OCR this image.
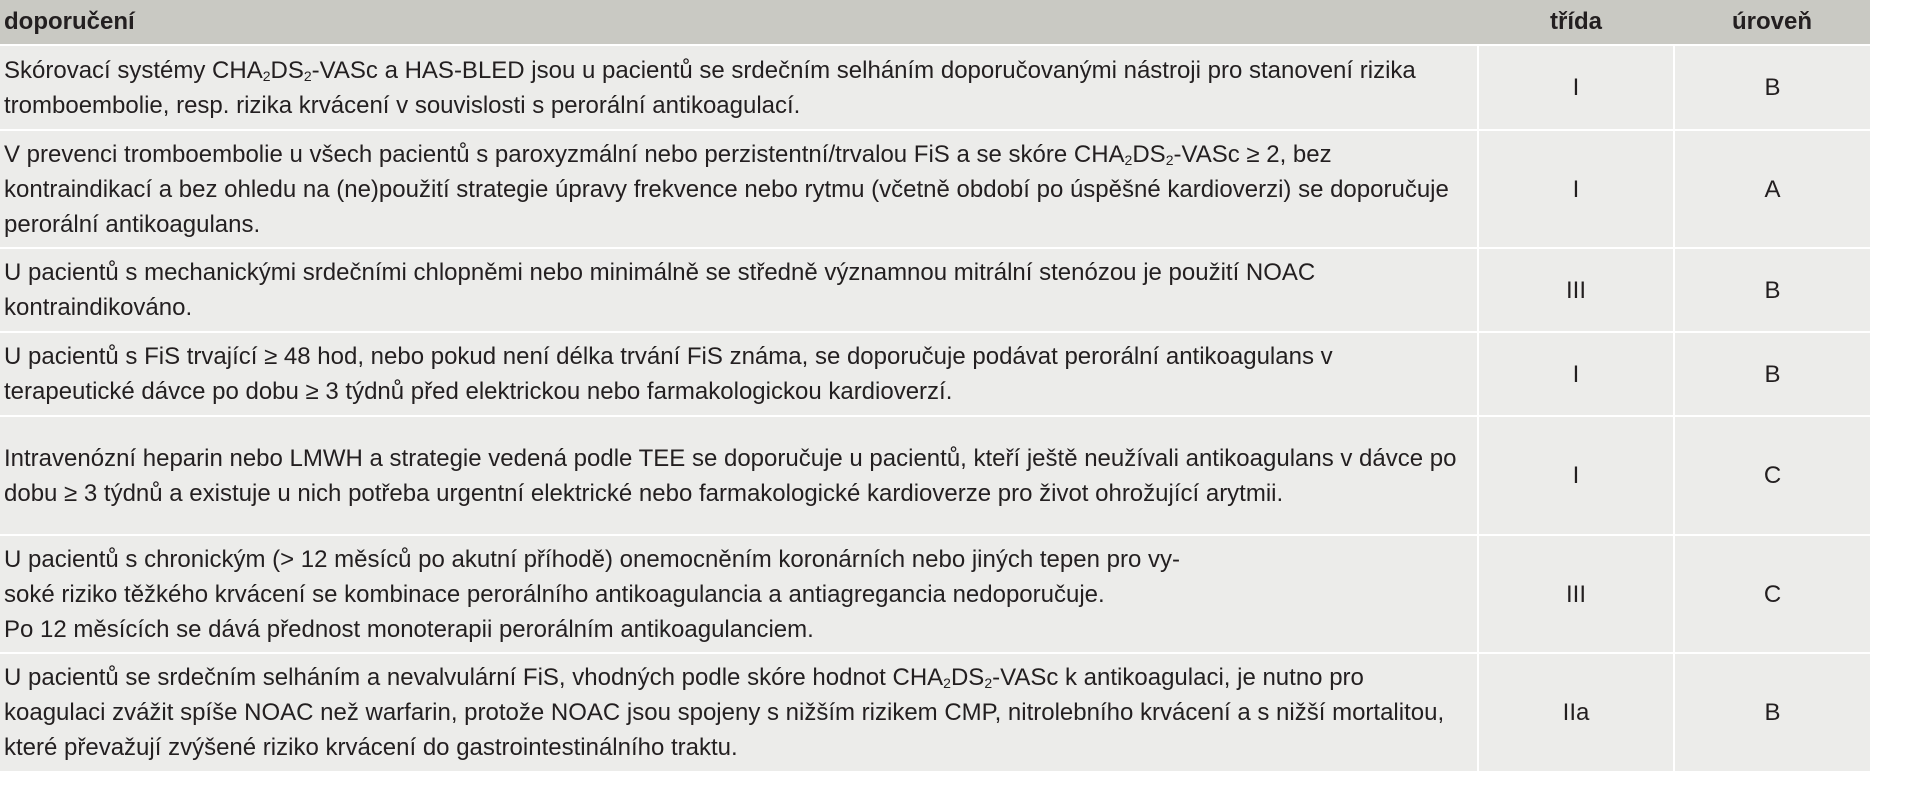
doporučení	třída	úroveň
Skórovací systémy $CHA_2DS_2$-VASc a HAS-BLED jsou u pacientů se srdečním selháním doporučovanými nástroji pro stanovení rizika tromboembolie, resp. rizika krvácení v souvislosti s perorální antikoagulací.	I	B
V prevenci tromboembolie u všech pacientů s paroxyzmální nebo perzistentní/trvalou FiS a se skóre $CHA_2DS_2$-VASc ≥ 2, bez kontraindikací a bez ohledu na (ne)použití strategie úpravy frekvence nebo rytmu (včetně období po úspěšné kardioverzi) se doporučuje perorální antikoagulans.	I	A
U pacientů s mechanickými srdečními chlopněmi nebo minimálně se středně významnou mitrální stenózou je použití NOAC kontraindikováno.	III	B
U pacientů s FiS trvající ≥ 48 hod, nebo pokud není délka trvání FiS známa, se doporučuje podávat perorální antikoagulans v terapeutické dávce po dobu ≥ 3 týdnů před elektrickou nebo farmakologickou kardioverzí.	I	B
Intravenózní heparin nebo LMWH a strategie vedená podle TEE se doporučuje u pacientů, kteří ještě neužívali antikoagulans v dávce po dobu ≥ 3 týdnů a existuje u nich potřeba urgentní elektrické nebo farmakologické kardioverze pro život ohrožující arytmii.	I	C

U pacientů s chronickým (> 12 měsíců po akutní příhodě) onemocněním koronárních nebo jiných tepen pro vy-
soké riziko těžkého krvácení se kombinace perorálního antikoagulancia a antiagregancia nedoporučuje.
Po 12 měsících se dává přednost monoterapii perorálním antikoagulanciem.	III	C
U pacientů se srdečním selháním a nevalvulární FiS, vhodných podle skóre hodnot $CHA_2DS_2$-VASc k antikoagulaci, je nutno pro koagulaci zvážit spíše NOAC než warfarin, protože NOAC jsou spojeny s nižším rizikem CMP, nitrolebního krvácení a s nižší mortalitou, které převažují zvýšené riziko krvácení do gastrointestinálního traktu.	IIa	B
